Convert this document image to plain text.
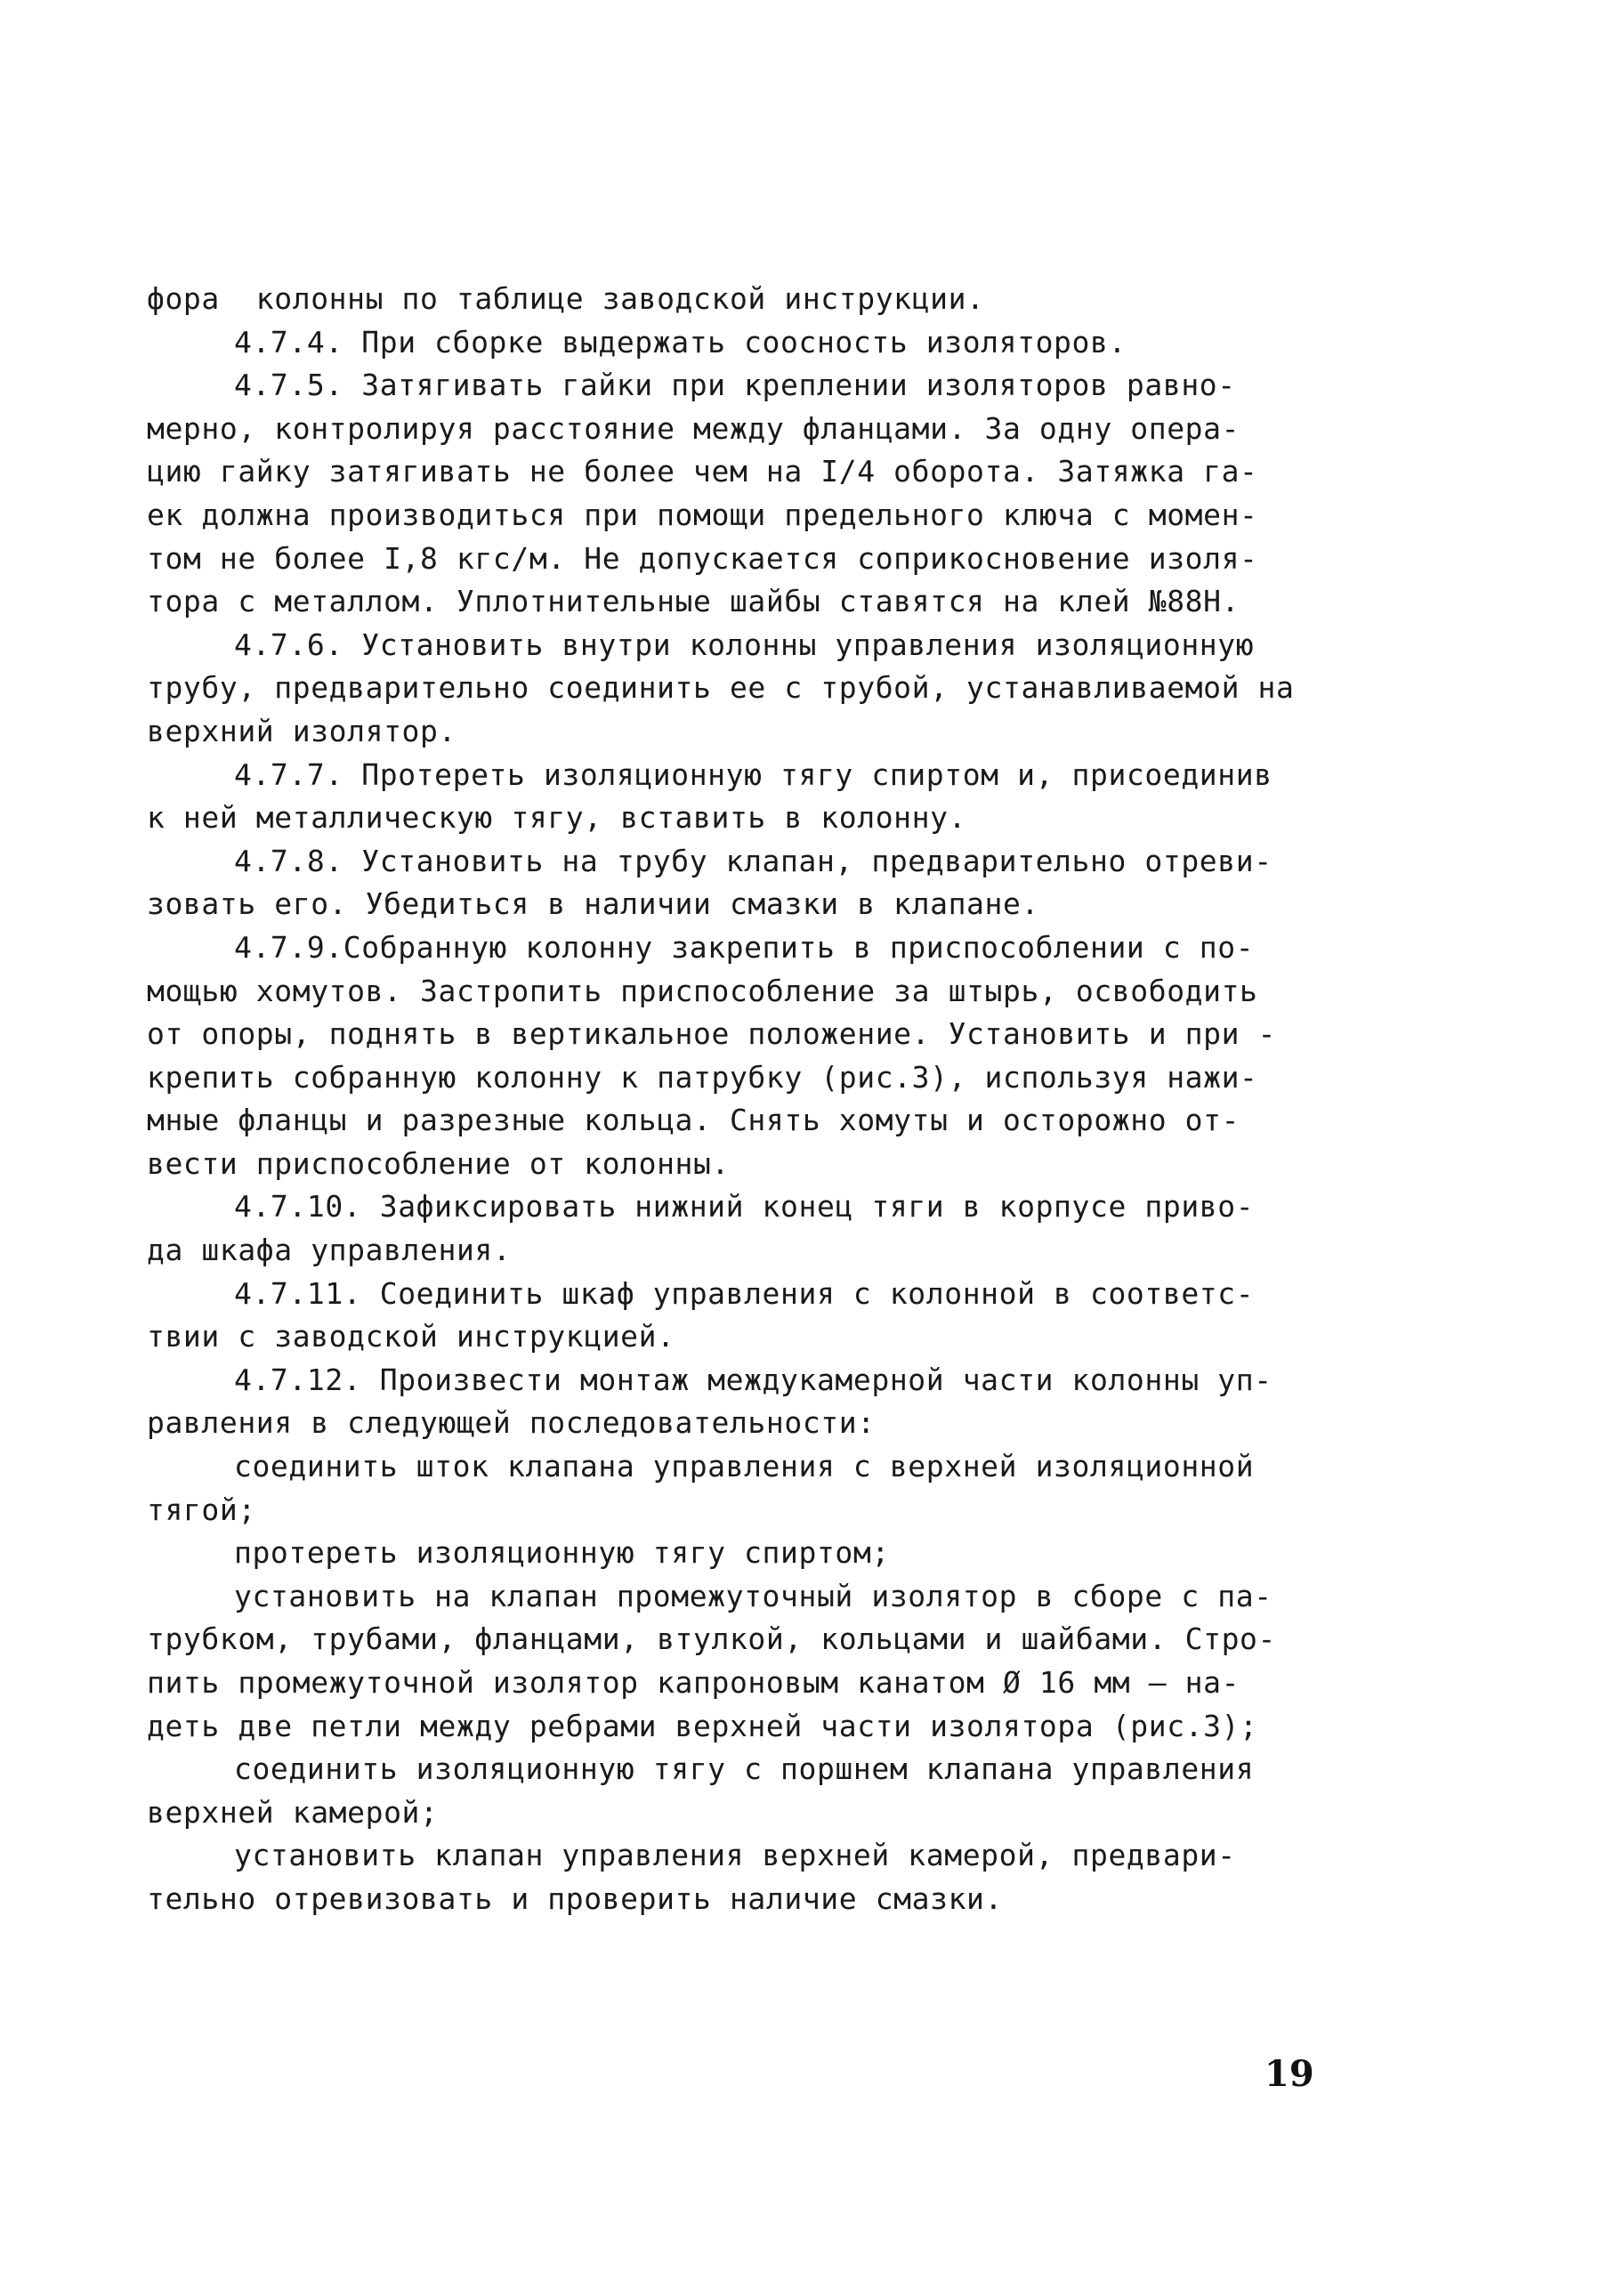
фора  колонны по таблице заводской инструкции.
4.7.4. При сборке выдержать соосность изоляторов.
4.7.5. Затягивать гайки при креплении изоляторов равно-
мерно, контролируя расстояние между фланцами. За одну опера-
цию гайку затягивать не более чем на I/4 оборота. Затяжка га-
ек должна производиться при помощи предельного ключа с момен-
том не более I,8 кгс/м. Не допускается соприкосновение изоля-
тора с металлом. Уплотнительные шайбы ставятся на клей №88Н.
4.7.6. Установить внутри колонны управления изоляционную
трубу, предварительно соединить ее с трубой, устанавливаемой на
верхний изолятор.
4.7.7. Протереть изоляционную тягу спиртом и, присоединив
к ней металлическую тягу, вставить в колонну.
4.7.8. Установить на трубу клапан, предварительно отреви-
зовать его. Убедиться в наличии смазки в клапане.
4.7.9.Собранную колонну закрепить в приспособлении с по-
мощью хомутов. Застропить приспособление за штырь, освободить
от опоры, поднять в вертикальное положение. Установить и при -
крепить собранную колонну к патрубку (рис.3), используя нажи-
мные фланцы и разрезные кольца. Снять хомуты и осторожно от-
вести приспособление от колонны.
4.7.10. Зафиксировать нижний конец тяги в корпусе приво-
да шкафа управления.
4.7.11. Соединить шкаф управления с колонной в соответс-
твии с заводской инструкцией.
4.7.12. Произвести монтаж междукамерной части колонны уп-
равления в следующей последовательности:
соединить шток клапана управления с верхней изоляционной
тягой;
протереть изоляционную тягу спиртом;
установить на клапан промежуточный изолятор в сборе с па-
трубком, трубами, фланцами, втулкой, кольцами и шайбами. Стро-
пить промежуточной изолятор капроновым канатом Ø 16 мм – на-
деть две петли между ребрами верхней части изолятора (рис.3);
соединить изоляционную тягу с поршнем клапана управления
верхней камерой;
установить клапан управления верхней камерой, предвари-
тельно отревизовать и проверить наличие смазки.
19
